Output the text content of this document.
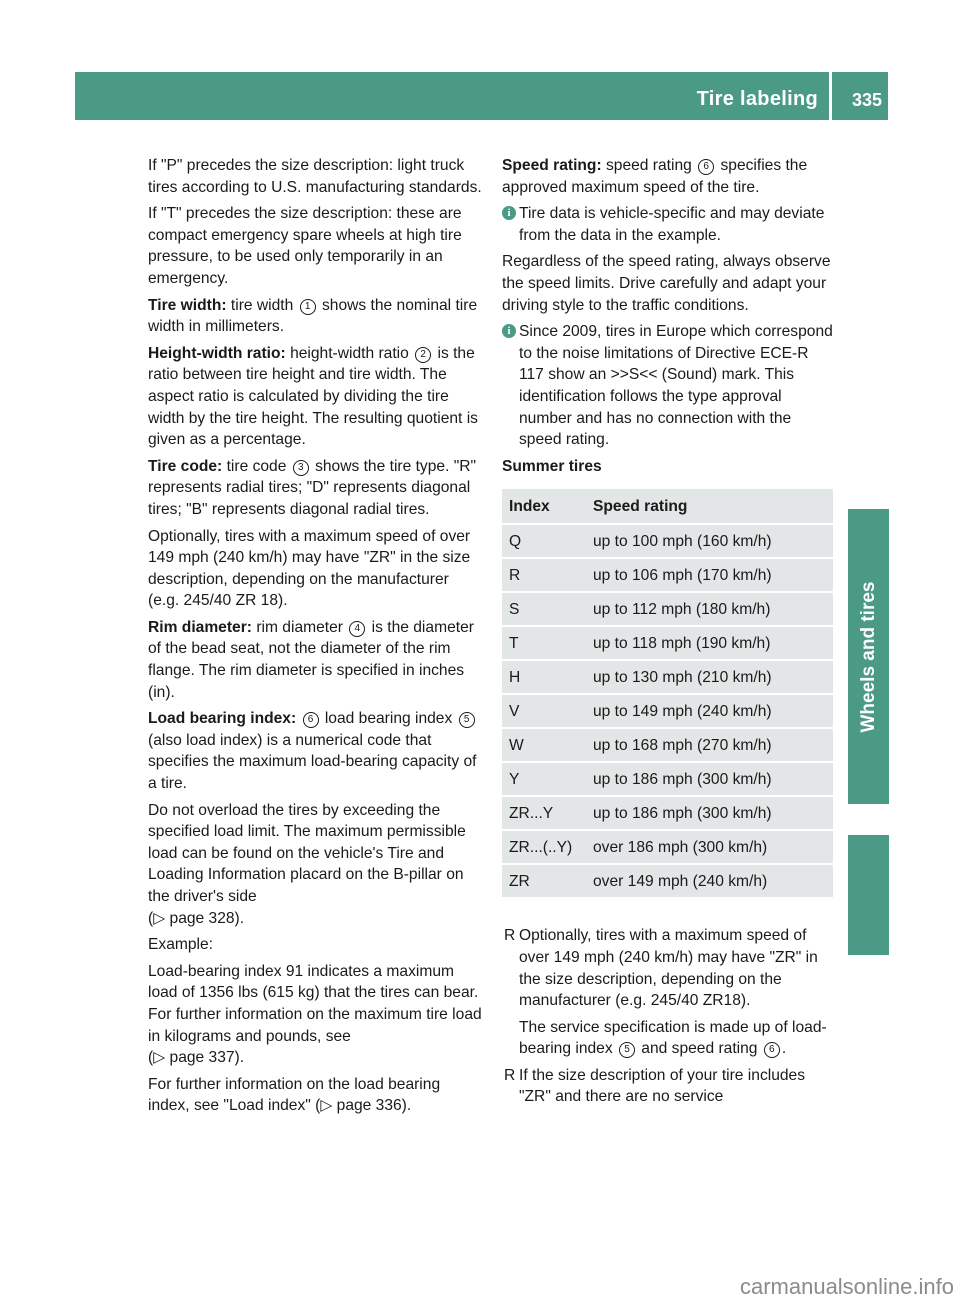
Tire labeling 335
Wheels and tires

If "P" precedes the size description: light truck tires according to U.S. manufacturing standards.

If "T" precedes the size description: these are compact emergency spare wheels at high tire pressure, to be used only temporarily in an emergency.

Tire width: tire width 1 shows the nominal tire width in millimeters.

Height-width ratio: height-width ratio 2 is the ratio between tire height and tire width. The aspect ratio is calculated by dividing the tire width by the tire height. The resulting quotient is given as a percentage.

Tire code: tire code 3 shows the tire type. "R" represents radial tires; "D" represents diagonal tires; "B" represents diagonal radial tires.

Optionally, tires with a maximum speed of over 149 mph (240 km/h) may have "ZR" in the size description, depending on the manufacturer (e.g. 245/40 ZR 18).

Rim diameter: rim diameter 4 is the diameter of the bead seat, not the diameter of the rim flange. The rim diameter is specified in inches (in).

Load bearing index: 6 load bearing index 5 (also load index) is a numerical code that specifies the maximum load-bearing capacity of a tire.

Do not overload the tires by exceeding the specified load limit. The maximum permissible load can be found on the vehicle's Tire and Loading Information placard on the B-pillar on the driver's side
(▷ page 328).

Example:

Load-bearing index 91 indicates a maximum load of 1356 lbs (615 kg) that the tires can bear. For further information on the maximum tire load in kilograms and pounds, see
(▷ page 337).

For further information on the load bearing index, see "Load index" (▷ page 336).

Speed rating: speed rating 6 specifies the approved maximum speed of the tire.

i Tire data is vehicle-specific and may deviate from the data in the example.

Regardless of the speed rating, always observe the speed limits. Drive carefully and adapt your driving style to the traffic conditions.

i Since 2009, tires in Europe which correspond to the noise limitations of Directive ECE-R 117 show an >>S<< (Sound) mark. This identification follows the type approval number and has no connection with the speed rating.
Summer tires
Index	Speed rating
Q	up to 100 mph (160 km/h)
R	up to 106 mph (170 km/h)
S	up to 112 mph (180 km/h)
T	up to 118 mph (190 km/h)
H	up to 130 mph (210 km/h)
V	up to 149 mph (240 km/h)
W	up to 168 mph (270 km/h)
Y	up to 186 mph (300 km/h)
ZR...Y	up to 186 mph (300 km/h)
ZR...(..Y)	over 186 mph (300 km/h)
ZR	over 149 mph (240 km/h)
R Optionally, tires with a maximum speed of over 149 mph (240 km/h) may have "ZR" in the size description, depending on the manufacturer (e.g. 245/40 ZR18).
The service specification is made up of load-bearing index 5 and speed rating 6 .
R If the size description of your tire includes "ZR" and there are no service
carmanualsonline.info
